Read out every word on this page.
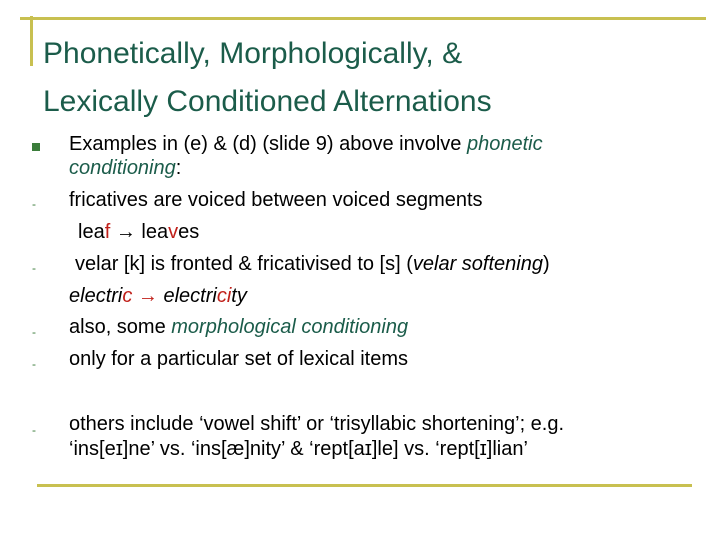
Phonetically, Morphologically, &
Lexically Conditioned Alternations
Examples in (e) & (d) (slide 9) above involve phonetic
conditioning:
- fricatives are voiced between voiced segments
leaf → leaves
- velar [k] is fronted & fricativised to [s] (velar softening)
electric → electricity
- also, some morphological conditioning
- only for a particular set of lexical items
- others include ‘vowel shift’ or ‘trisyllabic shortening’; e.g.
‘ins[eɪ]ne’ vs. ‘ins[æ]nity’ & ‘rept[aɪ]le] vs. ‘rept[ɪ]lian’
